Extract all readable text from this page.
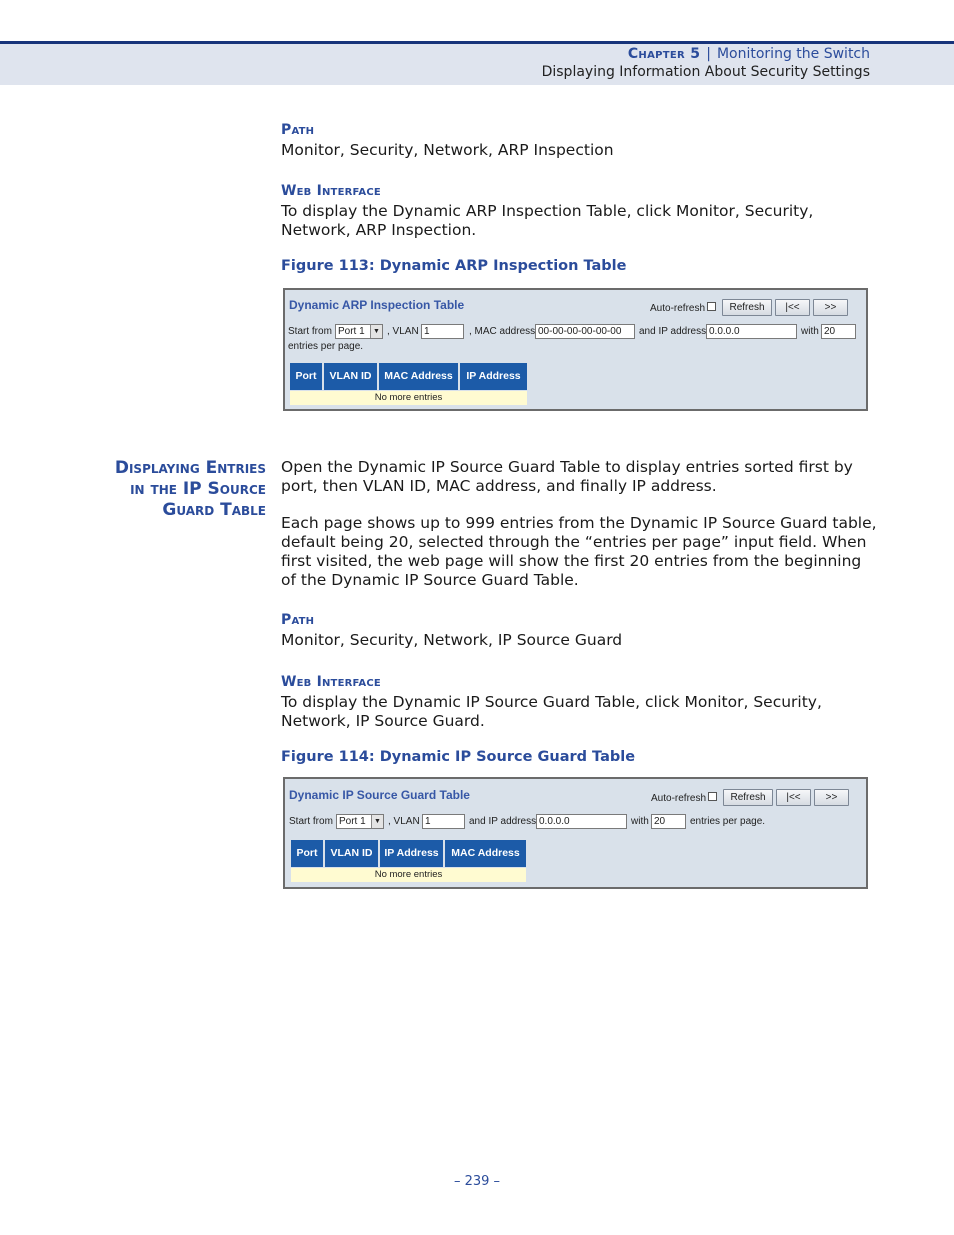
Chapter 5 | Monitoring the Switch
Displaying Information About Security Settings
Path
Monitor, Security, Network, ARP Inspection
Web Interface
To display the Dynamic ARP Inspection Table, click Monitor, Security, Network, ARP Inspection.
Figure 113: Dynamic ARP Inspection Table
Dynamic ARP Inspection Table	Auto-refresh	Refresh	|<<	>>
Start from Port 1	▼ , VLAN 1	, MAC address 00-00-00-00-00-00	and IP address 0.0.0.0	with 20
entries per page.
Port	VLAN ID	MAC Address	IP Address
No more entries
Displaying Entries
in the IP Source
Guard Table
Open the Dynamic IP Source Guard Table to display entries sorted first by port, then VLAN ID, MAC address, and finally IP address.
Each page shows up to 999 entries from the Dynamic IP Source Guard table, default being 20, selected through the “entries per page” input field. When first visited, the web page will show the first 20 entries from the beginning of the Dynamic IP Source Guard Table.
Path
Monitor, Security, Network, IP Source Guard
Web Interface
To display the Dynamic IP Source Guard Table, click Monitor, Security, Network, IP Source Guard.
Figure 114: Dynamic IP Source Guard Table
Dynamic IP Source Guard Table	Auto-refresh	Refresh	|<<	>>
Start from Port 1	▼ , VLAN 1	and IP address 0.0.0.0	with 20	entries per page.
Port	VLAN ID	IP Address	MAC Address
No more entries
– 239 –
